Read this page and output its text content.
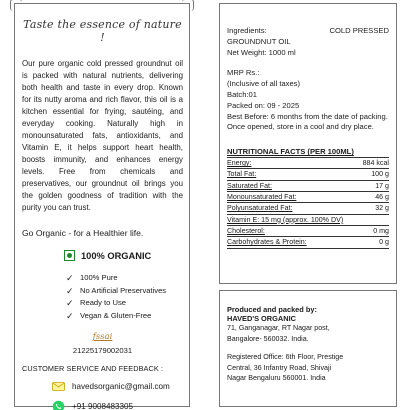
Taste the essence of nature !

Our pure organic cold pressed groundnut oil is packed with natural nutrients, delivering both health and taste in every drop. Known for its nutty aroma and rich flavor, this oil is a kitchen essential for frying, sautéing, and everyday cooking. Naturally high in monounsaturated fats, antioxidants, and Vitamin E, it helps support heart health, boosts immunity, and enhances energy levels. Free from chemicals and preservatives, our groundnut oil brings you the golden goodness of tradition with the purity you can trust.

Go Organic - for a Healthier life.
100% ORGANIC
✓ 100% Pure
✓ No Artificial Preservatives
✓ Ready to Use
✓ Vegan & Gluten-Free
fssai
21225179002031
CUSTOMER SERVICE AND FEEDBACK :
havedsorganic@gmail.com
+91 9008483305
Ingredients:	COLD PRESSED
GROUNDNUT OIL
Net Weight: 1000 ml
MRP Rs.:
(Inclusive of all taxes)
Batch:01
Packed on: 09 - 2025
Best Before: 6 months from the date of packing.
Once opened, store in a cool and dry place.
NUTRITIONAL FACTS (PER 100ML)
Energy:	884 kcal
Total Fat:	100 g
Saturated Fat:	17 g
Monounsaturated Fat:	46 g
Polyunsaturated Fat:	32 g
Vitamin E: 15 mg (approx. 100% DV)
Cholesterol:	0 mg
Carbohydrates & Protein:	0 g
Produced and packed by:
HAVED'S ORGANIC
71, Ganganagar, RT Nagar post,
Bangalore- 560032. India.
Registered Office: 6th Floor, Prestige
Central, 36 Infantry Road, Shivaji
Nagar Bengaluru 560001. India
